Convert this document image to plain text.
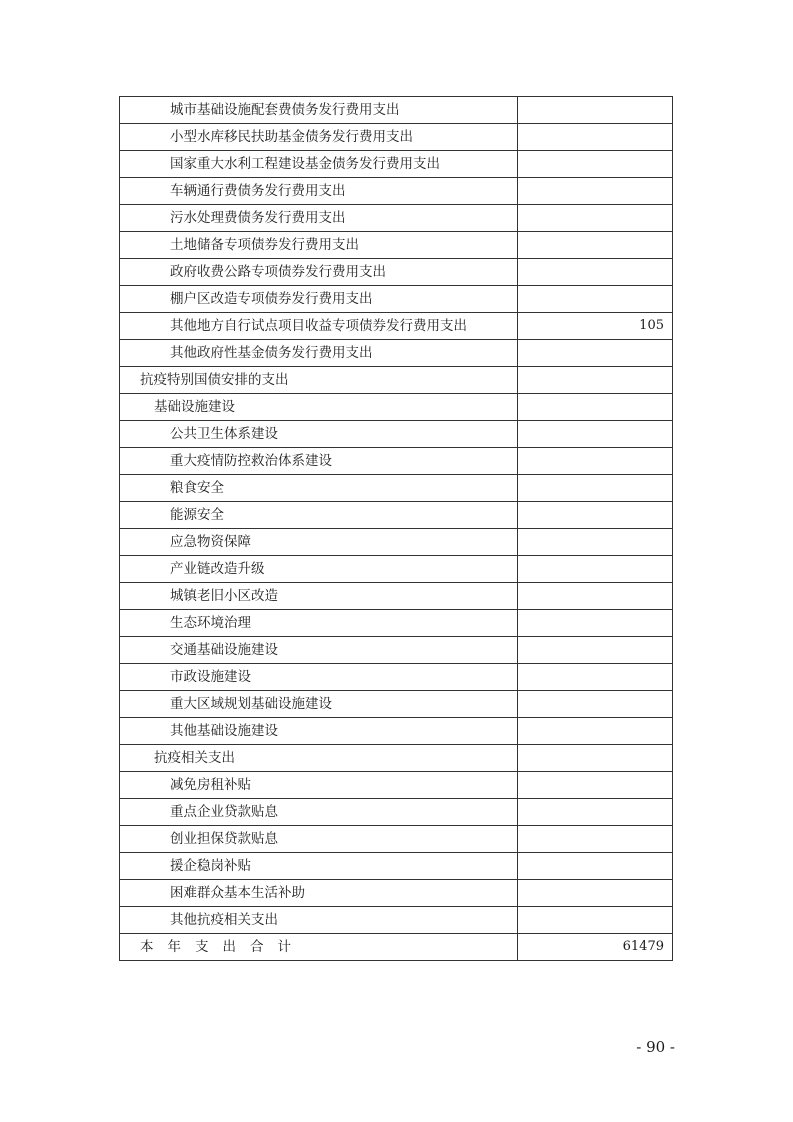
城市基础设施配套费债务发行费用支出	
小型水库移民扶助基金债务发行费用支出	
国家重大水利工程建设基金债务发行费用支出	
车辆通行费债务发行费用支出	
污水处理费债务发行费用支出	
土地储备专项债券发行费用支出	
政府收费公路专项债券发行费用支出	
棚户区改造专项债券发行费用支出	
其他地方自行试点项目收益专项债券发行费用支出	105
其他政府性基金债务发行费用支出	
抗疫特别国债安排的支出	
基础设施建设	
公共卫生体系建设	
重大疫情防控救治体系建设	
粮食安全	
能源安全	
应急物资保障	
产业链改造升级	
城镇老旧小区改造	
生态环境治理	
交通基础设施建设	
市政设施建设	
重大区域规划基础设施建设	
其他基础设施建设	
抗疫相关支出	
减免房租补贴	
重点企业贷款贴息	
创业担保贷款贴息	
援企稳岗补贴	
困难群众基本生活补助	
其他抗疫相关支出	
本年支出合计	61479
- 90 -
